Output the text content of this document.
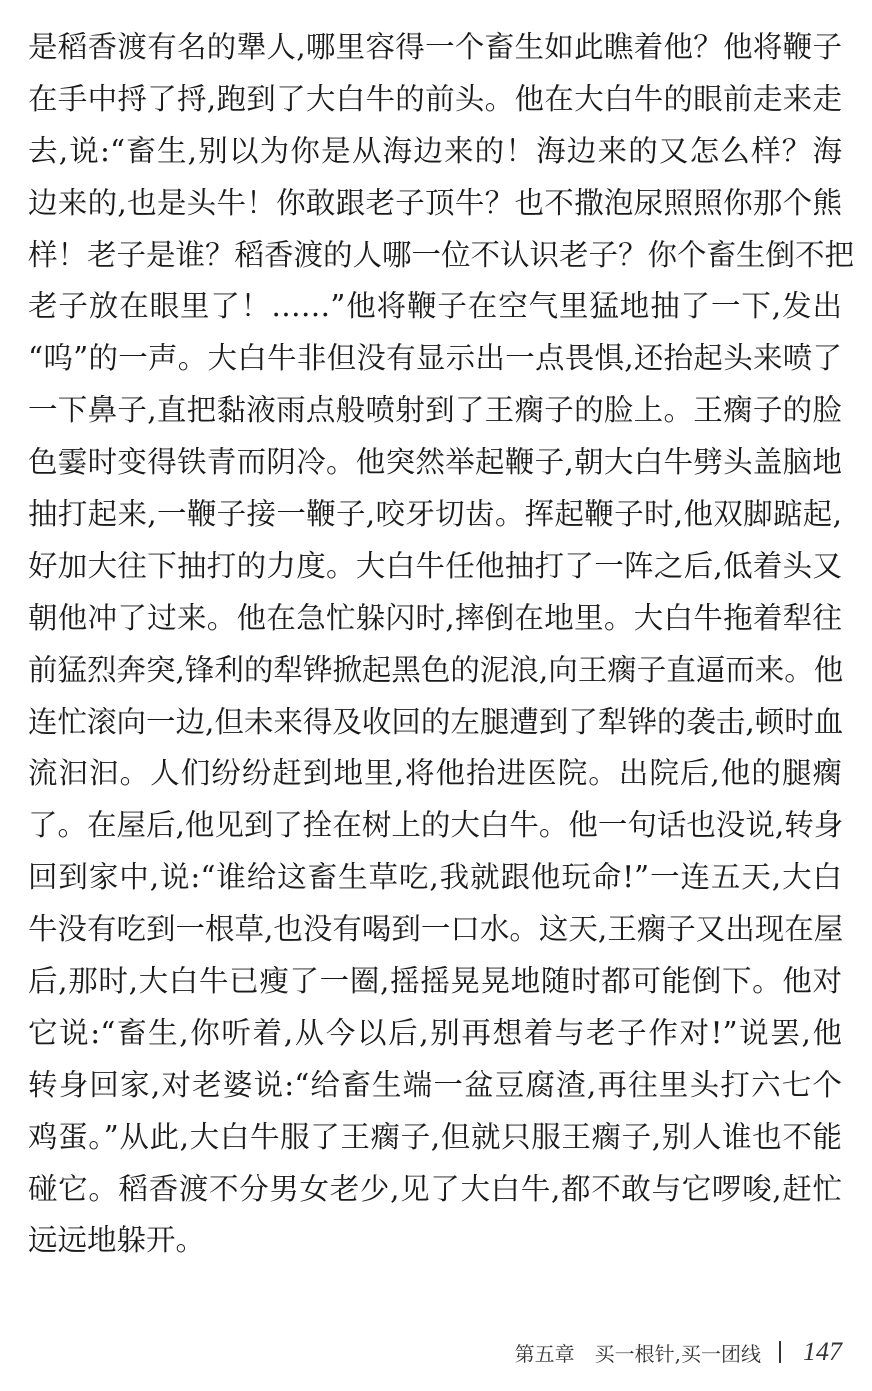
是稻香渡有名的犟人,哪里容得一个畜生如此瞧着他？他将鞭子
在手中捋了捋,跑到了大白牛的前头。他在大白牛的眼前走来走
去,说:“畜生,别以为你是从海边来的！海边来的又怎么样？海
边来的,也是头牛！你敢跟老子顶牛？也不撒泡尿照照你那个熊
样！老子是谁？稻香渡的人哪一位不认识老子？你个畜生倒不把
老子放在眼里了！……”他将鞭子在空气里猛地抽了一下,发出
“呜”的一声。大白牛非但没有显示出一点畏惧,还抬起头来喷了
一下鼻子,直把黏液雨点般喷射到了王瘸子的脸上。王瘸子的脸
色霎时变得铁青而阴冷。他突然举起鞭子,朝大白牛劈头盖脑地
抽打起来,一鞭子接一鞭子,咬牙切齿。挥起鞭子时,他双脚踮起,
好加大往下抽打的力度。大白牛任他抽打了一阵之后,低着头又
朝他冲了过来。他在急忙躲闪时,摔倒在地里。大白牛拖着犁往
前猛烈奔突,锋利的犁铧掀起黑色的泥浪,向王瘸子直逼而来。他
连忙滚向一边,但未来得及收回的左腿遭到了犁铧的袭击,顿时血
流汩汩。人们纷纷赶到地里,将他抬进医院。出院后,他的腿瘸
了。在屋后,他见到了拴在树上的大白牛。他一句话也没说,转身
回到家中,说:“谁给这畜生草吃,我就跟他玩命!”一连五天,大白
牛没有吃到一根草,也没有喝到一口水。这天,王瘸子又出现在屋
后,那时,大白牛已瘦了一圈,摇摇晃晃地随时都可能倒下。他对
它说:“畜生,你听着,从今以后,别再想着与老子作对!”说罢,他
转身回家,对老婆说:“给畜生端一盆豆腐渣,再往里头打六七个
鸡蛋。”从此,大白牛服了王瘸子,但就只服王瘸子,别人谁也不能
碰它。稻香渡不分男女老少,见了大白牛,都不敢与它啰唆,赶忙
远远地躲开。
第五章 买一根针,买一团线 147
